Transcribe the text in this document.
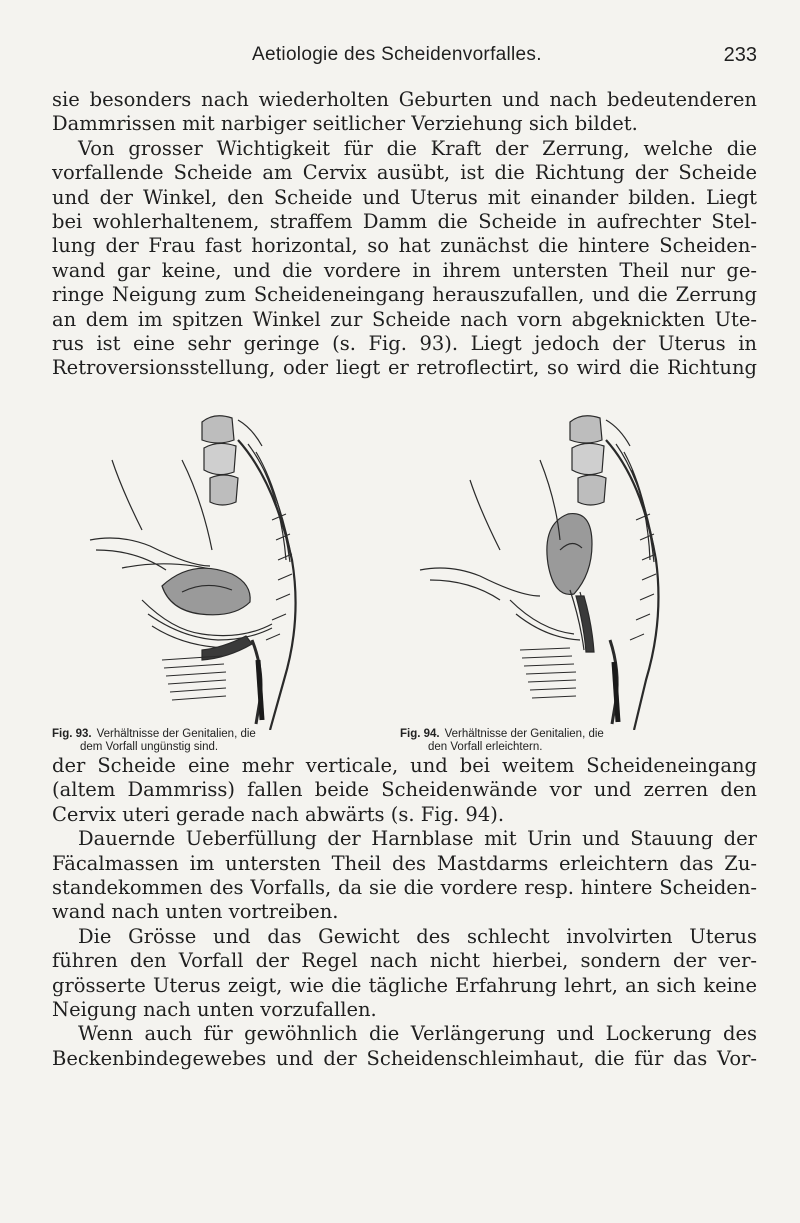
Aetiologie des Scheidenvorfalles.	233
sie besonders nach wiederholten Geburten und nach bedeutenderen
Dammrissen mit narbiger seitlicher Verziehung sich bildet.
Von grosser Wichtigkeit für die Kraft der Zerrung, welche die
vorfallende Scheide am Cervix ausübt, ist die Richtung der Scheide
und der Winkel, den Scheide und Uterus mit einander bilden. Liegt
bei wohlerhaltenem, straffem Damm die Scheide in aufrechter Stel-
lung der Frau fast horizontal, so hat zunächst die hintere Scheiden-
wand gar keine, und die vordere in ihrem untersten Theil nur ge-
ringe Neigung zum Scheideneingang herauszufallen, und die Zerrung
an dem im spitzen Winkel zur Scheide nach vorn abgeknickten Ute-
rus ist eine sehr geringe (s. Fig. 93). Liegt jedoch der Uterus in
Retroversionsstellung, oder liegt er retroflectirt, so wird die Richtung
Fig. 93. Verhältnisse der Genitalien, die
dem Vorfall ungünstig sind.
Fig. 94. Verhältnisse der Genitalien, die
den Vorfall erleichtern.
der Scheide eine mehr verticale, und bei weitem Scheideneingang
(altem Dammriss) fallen beide Scheidenwände vor und zerren den
Cervix uteri gerade nach abwärts (s. Fig. 94).
Dauernde Ueberfüllung der Harnblase mit Urin und Stauung der
Fäcalmassen im untersten Theil des Mastdarms erleichtern das Zu-
standekommen des Vorfalls, da sie die vordere resp. hintere Scheiden-
wand nach unten vortreiben.
Die Grösse und das Gewicht des schlecht involvirten Uterus
führen den Vorfall der Regel nach nicht hierbei, sondern der ver-
grösserte Uterus zeigt, wie die tägliche Erfahrung lehrt, an sich keine
Neigung nach unten vorzufallen.
Wenn auch für gewöhnlich die Verlängerung und Lockerung des
Beckenbindegewebes und der Scheidenschleimhaut, die für das Vor-
